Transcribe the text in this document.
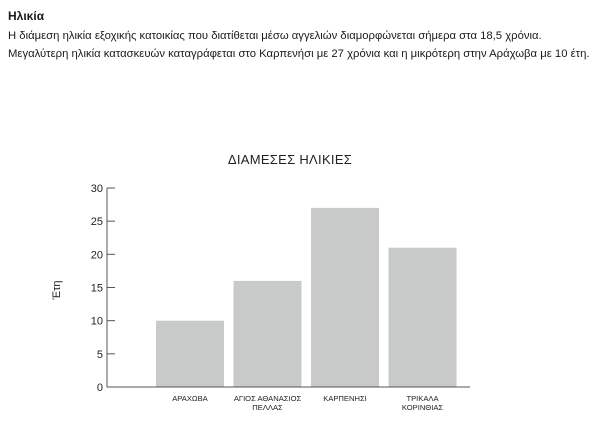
Ηλικία

Η διάμεση ηλικία εξοχικής κατοικίας που διατίθεται μέσω αγγελιών διαμορφώνεται σήμερα στα 18,5 χρόνια. Μεγαλύτερη ηλικία κατασκευών καταγράφεται στο Καρπενήσι με 27 χρόνια και η μικρότερη στην Αράχωβα με 10 έτη.

ΔΙΑΜΕΣΕΣ ΗΛΙΚΙΕΣ
Έτη
0
5
10
15
20
25
30
ΑΡΑΧΩΒΑ	ΑΓΙΟΣ ΑΘΑΝΑΣΙΟΣ
ΠΕΛΛΑΣ
ΚΑΡΠΕΝΗΣΙ	ΤΡΙΚΑΛΑ
ΚΟΡΙΝΘΙΑΣ
